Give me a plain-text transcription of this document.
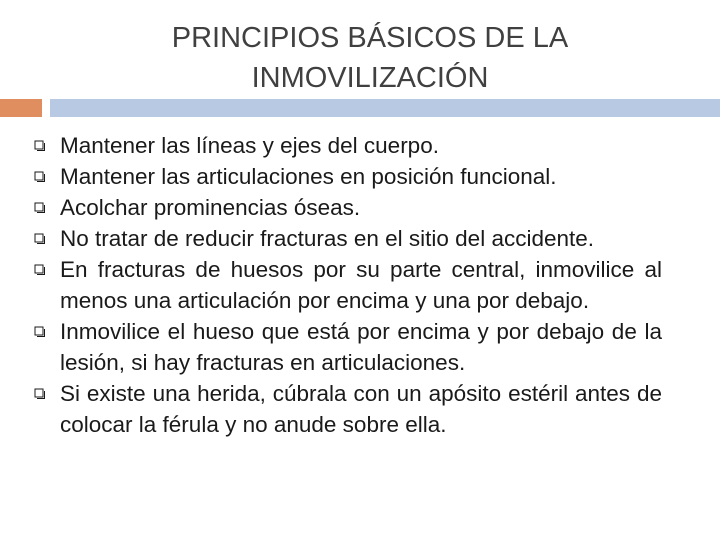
PRINCIPIOS BÁSICOS DE LA
INMOVILIZACIÓN
Mantener las líneas y ejes del cuerpo.
Mantener las articulaciones en posición funcional.
Acolchar prominencias óseas.
No tratar de reducir fracturas en el sitio del accidente.
En fracturas de huesos por su parte central, inmovilice al menos una articulación por encima y una por debajo.
Inmovilice el hueso que está por encima y por debajo de la lesión, si hay fracturas en articulaciones.
Si existe una herida, cúbrala con un apósito estéril antes de colocar la férula y no anude sobre ella.
